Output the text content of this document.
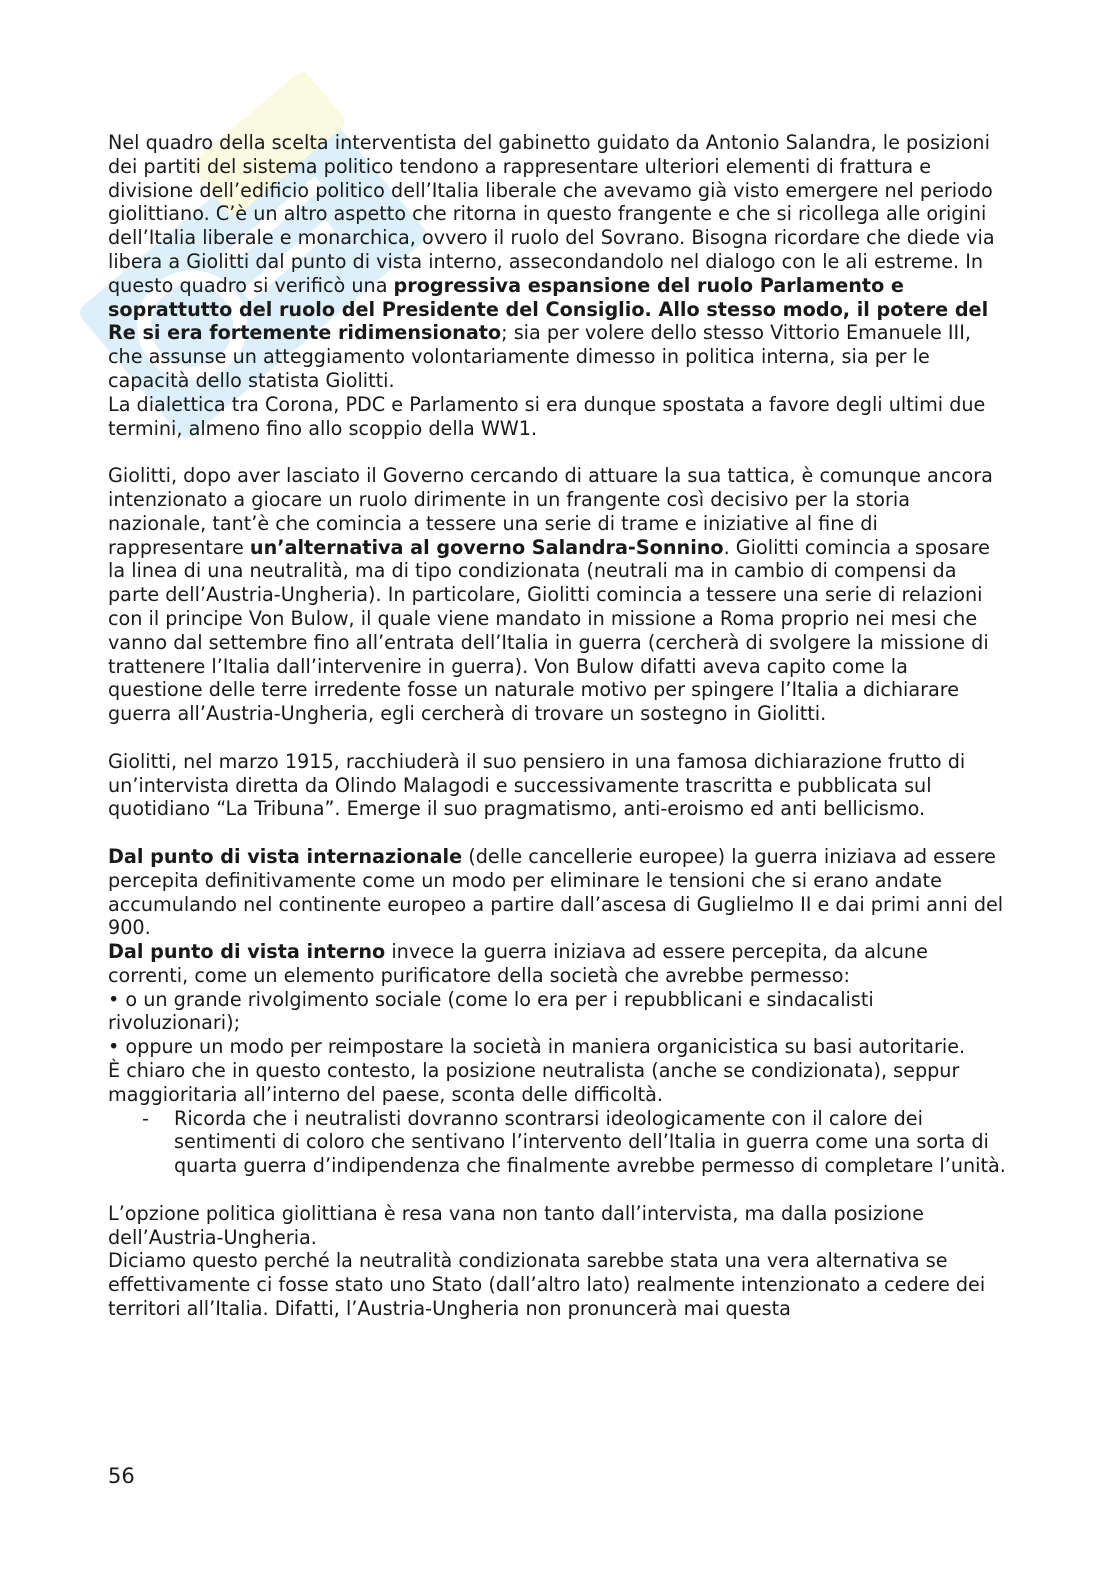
Nel quadro della scelta interventista del gabinetto guidato da Antonio Salandra, le posizioni dei partiti del sistema politico tendono a rappresentare ulteriori elementi di frattura e divisione dell’edificio politico dell’Italia liberale che avevamo già visto emergere nel periodo giolittiano. C’è un altro aspetto che ritorna in questo frangente e che si ricollega alle origini dell’Italia liberale e monarchica, ovvero il ruolo del Sovrano. Bisogna ricordare che diede via libera a Giolitti dal punto di vista interno, assecondandolo nel dialogo con le ali estreme. In questo quadro si verificò una progressiva espansione del ruolo Parlamento e soprattutto del ruolo del Presidente del Consiglio. Allo stesso modo, il potere del Re si era fortemente ridimensionato; sia per volere dello stesso Vittorio Emanuele III, che assunse un atteggiamento volontariamente dimesso in politica interna, sia per le capacità dello statista Giolitti.

La dialettica tra Corona, PDC e Parlamento si era dunque spostata a favore degli ultimi due termini, almeno fino allo scoppio della WW1.

Giolitti, dopo aver lasciato il Governo cercando di attuare la sua tattica, è comunque ancora intenzionato a giocare un ruolo dirimente in un frangente così decisivo per la storia nazionale, tant’è che comincia a tessere una serie di trame e iniziative al fine di rappresentare un’alternativa al governo Salandra-Sonnino. Giolitti comincia a sposare la linea di una neutralità, ma di tipo condizionata (neutrali ma in cambio di compensi da parte dell’Austria-Ungheria). In particolare, Giolitti comincia a tessere una serie di relazioni con il principe Von Bulow, il quale viene mandato in missione a Roma proprio nei mesi che vanno dal settembre fino all’entrata dell’Italia in guerra (cercherà di svolgere la missione di trattenere l’Italia dall’intervenire in guerra). Von Bulow difatti aveva capito come la questione delle terre irredente fosse un naturale motivo per spingere l’Italia a dichiarare guerra all’Austria-Ungheria, egli cercherà di trovare un sostegno in Giolitti.

Giolitti, nel marzo 1915, racchiuderà il suo pensiero in una famosa dichiarazione frutto di un’intervista diretta da Olindo Malagodi e successivamente trascritta e pubblicata sul quotidiano “La Tribuna”. Emerge il suo pragmatismo, anti-eroismo ed anti bellicismo.

Dal punto di vista internazionale (delle cancellerie europee) la guerra iniziava ad essere percepita definitivamente come un modo per eliminare le tensioni che si erano andate accumulando nel continente europeo a partire dall’ascesa di Guglielmo II e dai primi anni del 900.

Dal punto di vista interno invece la guerra iniziava ad essere percepita, da alcune correnti, come un elemento purificatore della società che avrebbe permesso:

• o un grande rivolgimento sociale (come lo era per i repubblicani e sindacalisti rivoluzionari);

• oppure un modo per reimpostare la società in maniera organicistica su basi autoritarie.

È chiaro che in questo contesto, la posizione neutralista (anche se condizionata), seppur maggioritaria all’interno del paese, sconta delle difficoltà.

- Ricorda che i neutralisti dovranno scontrarsi ideologicamente con il calore dei sentimenti di coloro che sentivano l’intervento dell’Italia in guerra come una sorta di quarta guerra d’indipendenza che finalmente avrebbe permesso di completare l’unità.

L’opzione politica giolittiana è resa vana non tanto dall’intervista, ma dalla posizione dell’Austria-Ungheria.

Diciamo questo perché la neutralità condizionata sarebbe stata una vera alternativa se effettivamente ci fosse stato uno Stato (dall’altro lato) realmente intenzionato a cedere dei territori all’Italia. Difatti, l’Austria-Ungheria non pronuncerà mai questa

56
